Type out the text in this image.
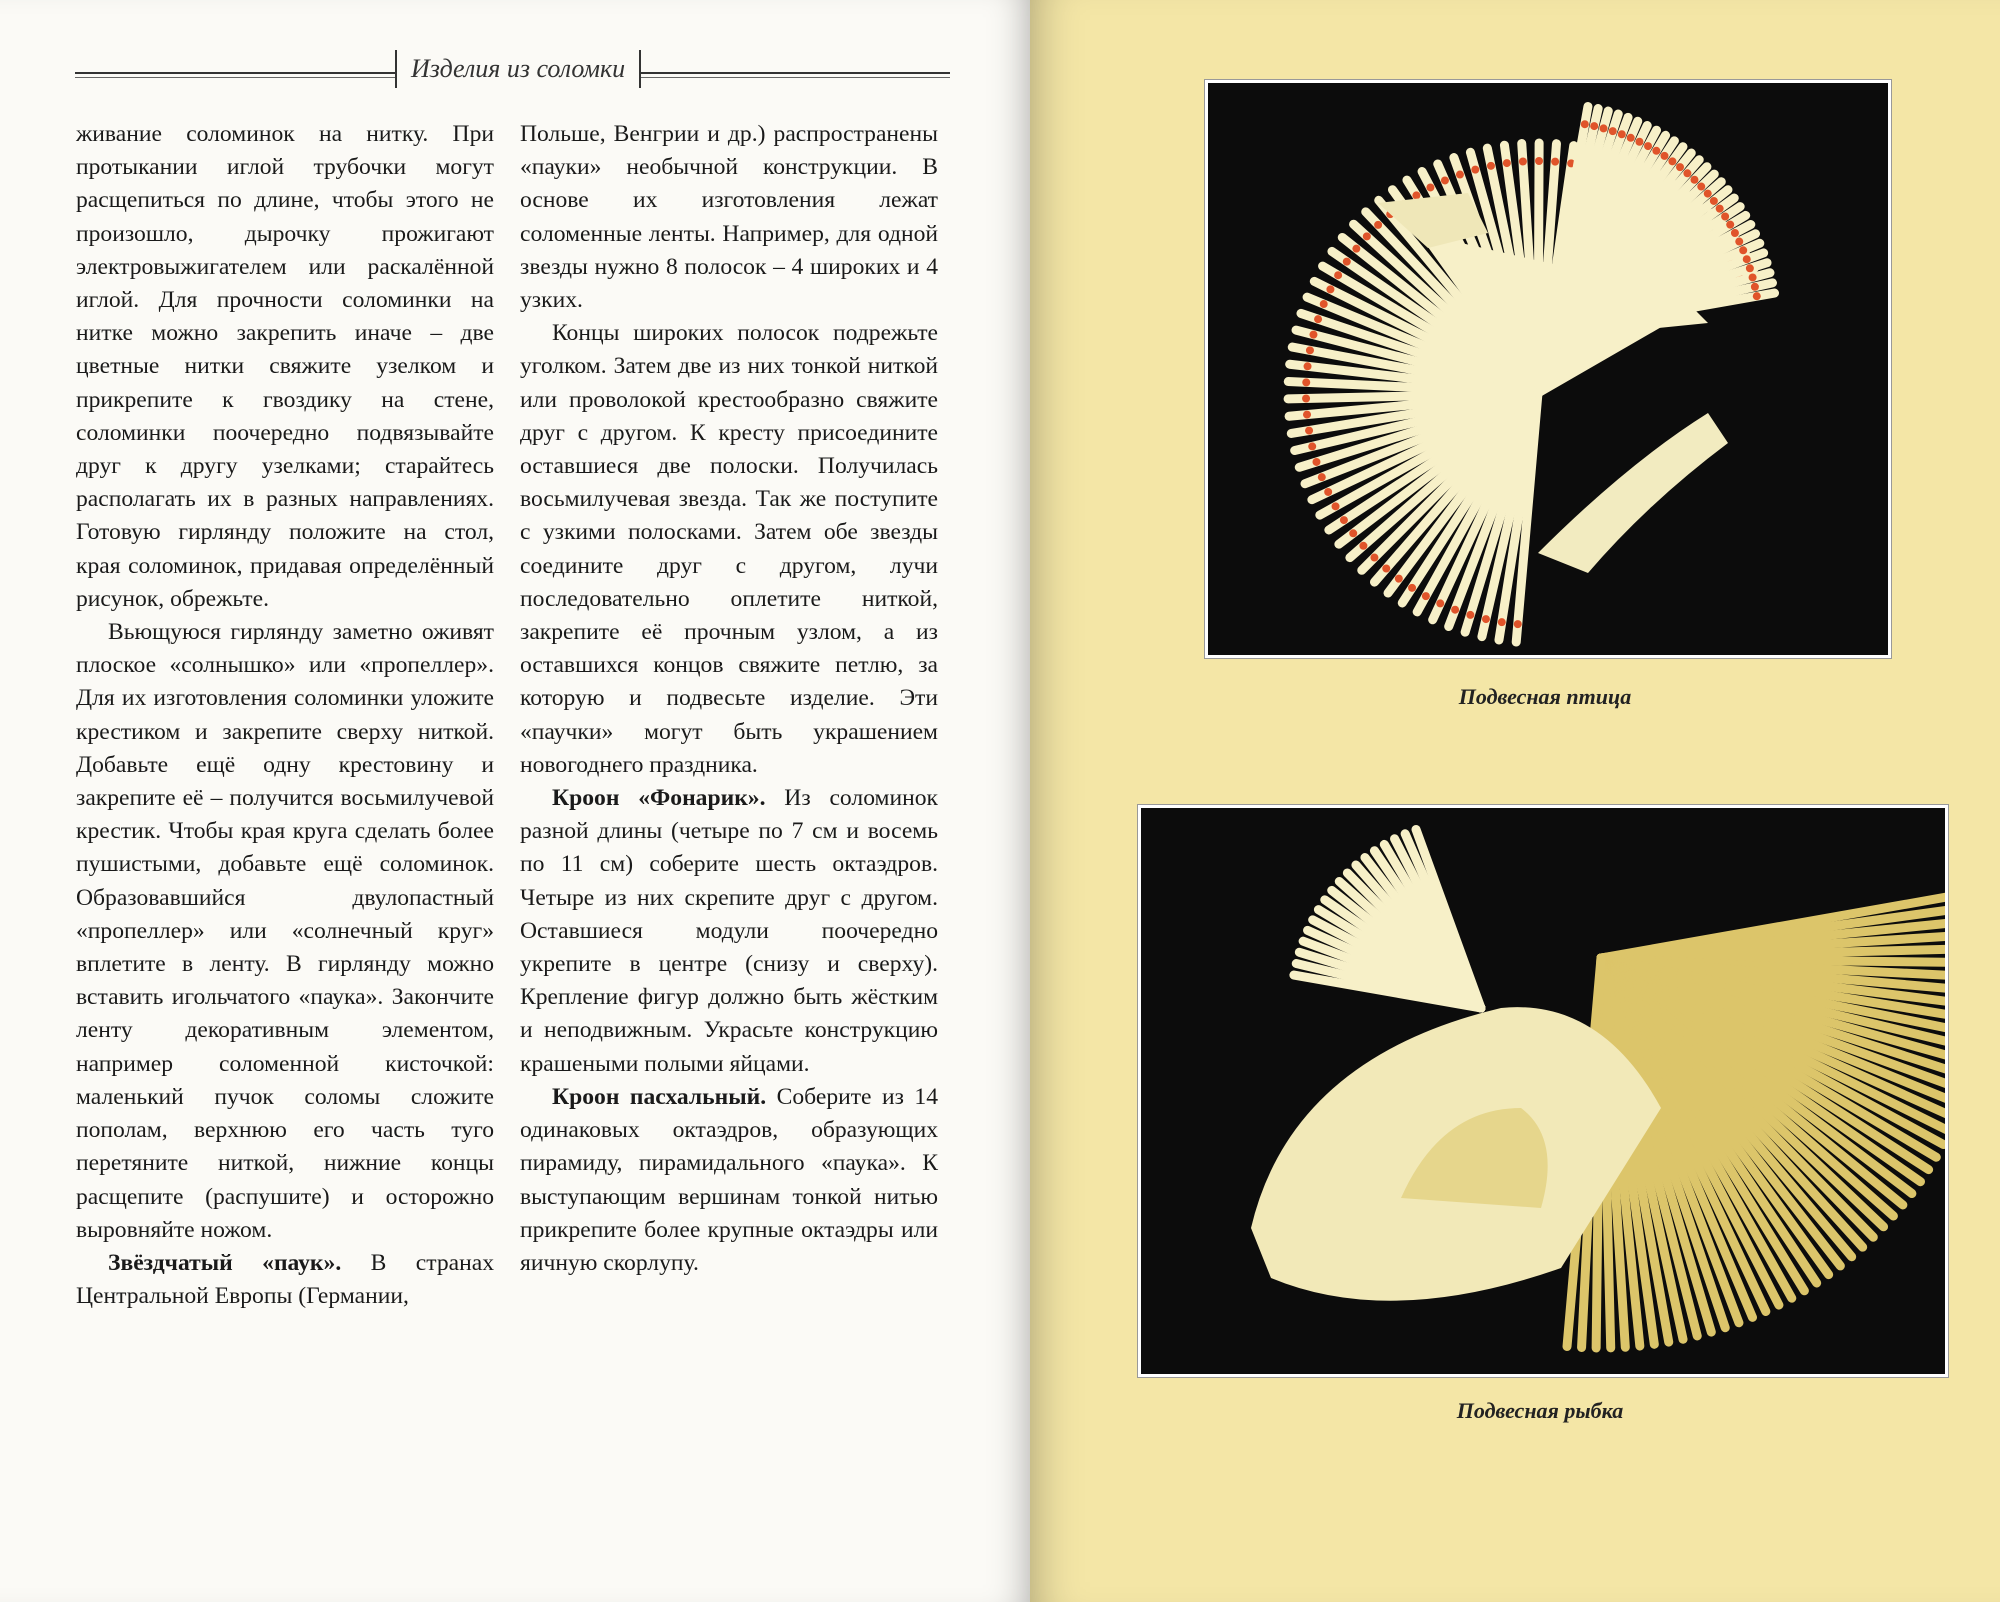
Изделия из соломки

живание соломинок на нитку. При протыкании иглой трубочки могут расщепиться по длине, чтобы этого не произошло, дырочку прожигают электровыжигателем или раскалённой иглой. Для прочности соломинки на нитке можно закрепить иначе – две цветные нитки свяжите узелком и прикрепите к гвоздику на стене, соломинки поочередно подвязывайте друг к другу узелками; старайтесь располагать их в разных направлениях. Готовую гирлянду положите на стол, края соломинок, придавая определённый рисунок, обрежьте.

Вьющуюся гирлянду заметно оживят плоское «солнышко» или «пропеллер». Для их изготовления соломинки уложите крестиком и закрепите сверху ниткой. Добавьте ещё одну крестовину и закрепите её – получится восьмилучевой крестик. Чтобы края круга сделать более пушистыми, добавьте ещё соломинок. Образовавшийся двулопастный «пропеллер» или «солнечный круг» вплетите в ленту. В гирлянду можно вставить игольчатого «паука». Закончите ленту декоративным элементом, например соломенной кисточкой: маленький пучок соломы сложите пополам, верхнюю его часть туго перетяните ниткой, нижние концы расщепите (распушите) и осторожно выровняйте ножом.

Звёздчатый «паук». В странах Центральной Европы (Германии,

Польше, Венгрии и др.) распространены «пауки» необычной конструкции. В основе их изготовления лежат соломенные ленты. Например, для одной звезды нужно 8 полосок – 4 широких и 4 узких.

Концы широких полосок подрежьте уголком. Затем две из них тонкой ниткой или проволокой крестообразно свяжите друг с другом. К кресту присоедините оставшиеся две полоски. Получилась восьмилучевая звезда. Так же поступите с узкими полосками. Затем обе звезды соедините друг с другом, лучи последовательно оплетите ниткой, закрепите её прочным узлом, а из оставшихся концов свяжите петлю, за которую и подвесьте изделие. Эти «паучки» могут быть украшением новогоднего праздника.

Кроон «Фонарик». Из соломинок разной длины (четыре по 7 см и восемь по 11 см) соберите шесть октаэдров. Четыре из них скрепите друг с другом. Оставшиеся модули поочередно укрепите в центре (снизу и сверху). Крепление фигур должно быть жёстким и неподвижным. Украсьте конструкцию крашеными полыми яйцами.

Кроон пасхальный. Соберите из 14 одинаковых октаэдров, образующих пирамиду, пирамидального «паука». К выступающим вершинам тонкой нитью прикрепите более крупные октаэдры или яичную скорлупу.

Подвесная птица
Подвесная рыбка
